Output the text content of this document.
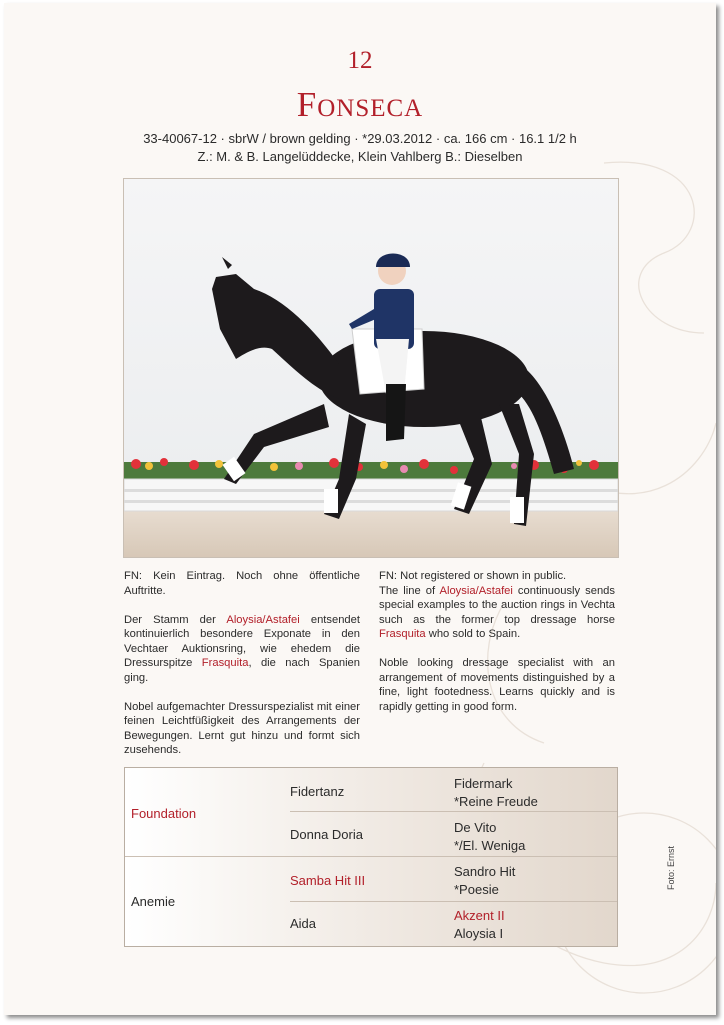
12
Fonseca
33-40067-12 · sbrW / brown gelding · *29.03.2012 · ca. 166 cm · 16.1 1/2 h
Z.: M. & B. Langelüddecke, Klein Vahlberg B.: Dieselben

FN: Kein Eintrag. Noch ohne öffentliche Auftritte.

Der Stamm der Aloysia/Astafei entsendet kontinuierlich besondere Exponate in den Vechtaer Auktionsring, wie ehedem die Dressurspitze Frasquita, die nach Spanien ging.

Nobel aufgemachter Dressurspezialist mit einer feinen Leichtfüßigkeit des Arrangements der Bewegungen. Lernt gut hinzu und formt sich zusehends.

FN: Not registered or shown in public.

The line of Aloysia/Astafei continuously sends special examples to the auction rings in Vechta such as the former top dressage horse Frasquita who sold to Spain.

Noble looking dressage specialist with an arrangement of movements distinguished by a fine, light footedness. Learns quickly and is rapidly getting in good form.

Foundation
Anemie
Fidertanz
Donna Doria
Samba Hit III
Aida
Fidermark
*Reine Freude
De Vito
*/El. Weniga
Sandro Hit
*Poesie
Akzent II
Aloysia I
Foto: Ernst
